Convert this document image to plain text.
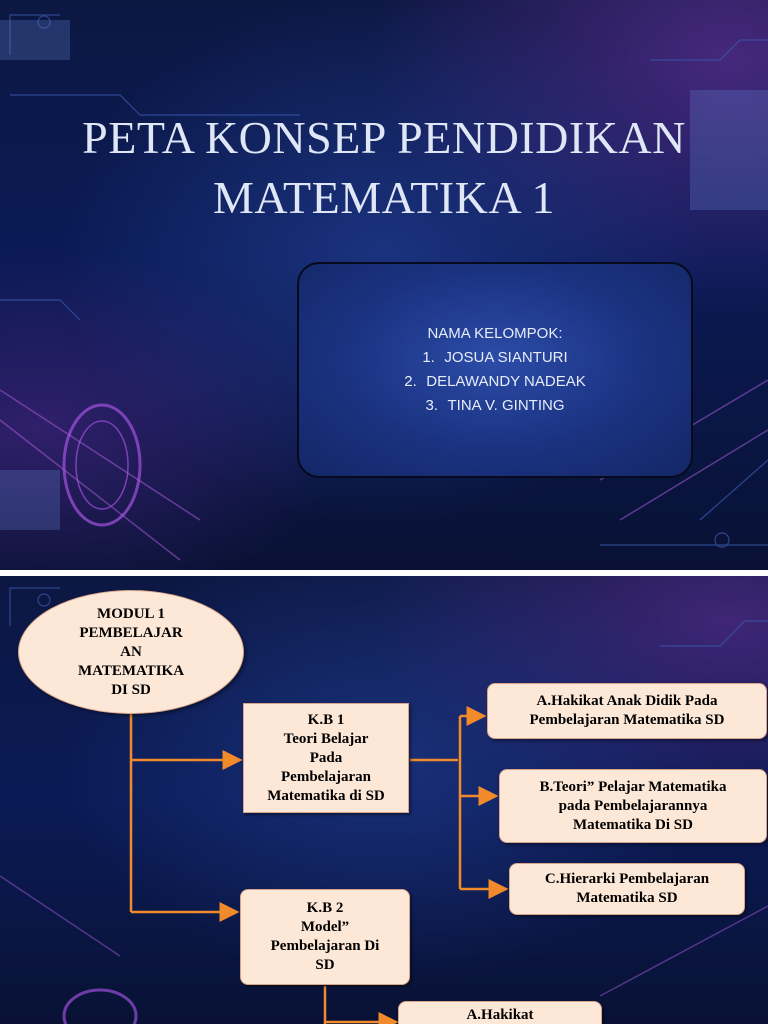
PETA KONSEP PENDIDIKAN
MATEMATIKA 1
NAMA KELOMPOK:
1. JOSUA SIANTURI
2. DELAWANDY NADEAK
3. TINA V. GINTING
MODUL 1
PEMBELAJAR
AN
MATEMATIKA
DI SD
K.B 1
Teori Belajar
Pada
Pembelajaran
Matematika di SD
K.B 2
Model”
Pembelajaran Di
SD
A.Hakikat Anak Didik Pada
Pembelajaran Matematika SD
B.Teori” Pelajar Matematika
pada Pembelajarannya
Matematika Di SD
C.Hierarki Pembelajaran
Matematika SD
A.Hakikat
